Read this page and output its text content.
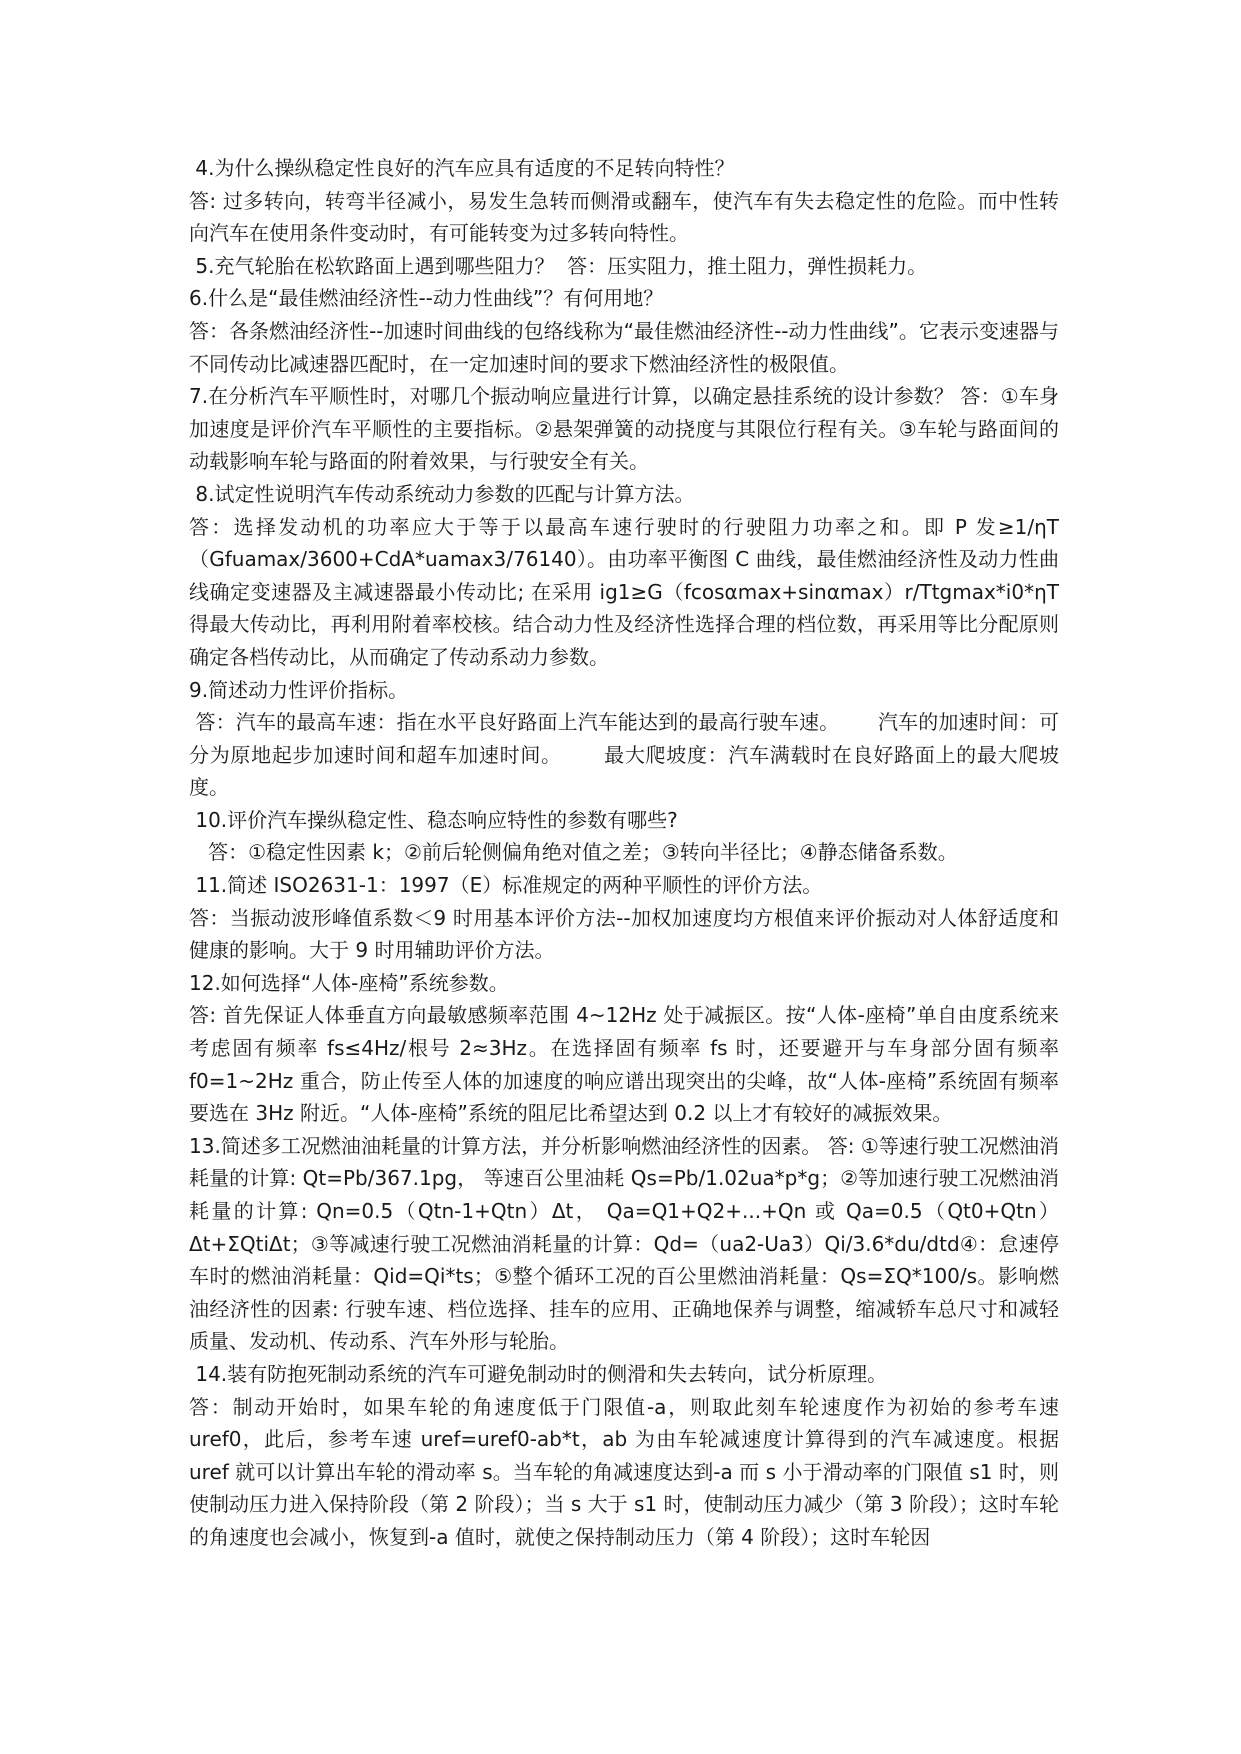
4.为什么操纵稳定性良好的汽车应具有适度的不足转向特性？

答: 过多转向，转弯半径减小，易发生急转而侧滑或翻车，使汽车有失去稳定性的危险。而中性转向汽车在使用条件变动时，有可能转变为过多转向特性。

5.充气轮胎在松软路面上遇到哪些阻力？  答：压实阻力，推土阻力，弹性损耗力。

6.什么是“最佳燃油经济性--动力性曲线”？有何用地？

答：各条燃油经济性--加速时间曲线的包络线称为“最佳燃油经济性--动力性曲线”。它表示变速器与不同传动比减速器匹配时，在一定加速时间的要求下燃油经济性的极限值。

7.在分析汽车平顺性时，对哪几个振动响应量进行计算，以确定悬挂系统的设计参数？ 答：①车身加速度是评价汽车平顺性的主要指标。②悬架弹簧的动挠度与其限位行程有关。③车轮与路面间的动载影响车轮与路面的附着效果，与行驶安全有关。

8.试定性说明汽车传动系统动力参数的匹配与计算方法。

答：选择发动机的功率应大于等于以最高车速行驶时的行驶阻力功率之和。即 P 发≥1/ηT（Gfuamax/3600+CdA*uamax3/76140）。由功率平衡图 C 曲线，最佳燃油经济性及动力性曲线确定变速器及主减速器最小传动比; 在采用 ig1≥G（fcosαmax+sinαmax）r/Ttgmax*i0*ηT 得最大传动比，再利用附着率校核。结合动力性及经济性选择合理的档位数，再采用等比分配原则确定各档传动比，从而确定了传动系动力参数。

9.简述动力性评价指标。

答：汽车的最高车速：指在水平良好路面上汽车能达到的最高行驶车速。      汽车的加速时间：可分为原地起步加速时间和超车加速时间。      最大爬坡度：汽车满载时在良好路面上的最大爬坡度。

10.评价汽车操纵稳定性、稳态响应特性的参数有哪些?

答：①稳定性因素 k；②前后轮侧偏角绝对值之差；③转向半径比；④静态储备系数。

11.简述 ISO2631-1：1997（E）标准规定的两种平顺性的评价方法。

答：当振动波形峰值系数＜9 时用基本评价方法--加权加速度均方根值来评价振动对人体舒适度和健康的影响。大于 9 时用辅助评价方法。

12.如何选择“人体-座椅”系统参数。

答: 首先保证人体垂直方向最敏感频率范围 4~12Hz 处于减振区。按“人体-座椅”单自由度系统来考虑固有频率 fs≤4Hz/根号 2≈3Hz。在选择固有频率 fs 时，还要避开与车身部分固有频率 f0=1~2Hz 重合，防止传至人体的加速度的响应谱出现突出的尖峰，故“人体-座椅”系统固有频率要选在 3Hz 附近。“人体-座椅”系统的阻尼比希望达到 0.2 以上才有较好的减振效果。

13.简述多工况燃油油耗量的计算方法，并分析影响燃油经济性的因素。 答: ①等速行驶工况燃油消耗量的计算: Qt=Pb/367.1pg， 等速百公里油耗 Qs=Pb/1.02ua*p*g；②等加速行驶工况燃油消耗量的计算: Qn=0.5（Qtn-1+Qtn）Δt， Qa=Q1+Q2+...+Qn 或 Qa=0.5（Qt0+Qtn）Δt+ΣQtiΔt；③等减速行驶工况燃油消耗量的计算：Qd=（ua2-Ua3）Qi/3.6*du/dtd④：怠速停车时的燃油消耗量：Qid=Qi*ts；⑤整个循环工况的百公里燃油消耗量：Qs=ΣQ*100/s。影响燃油经济性的因素: 行驶车速、档位选择、挂车的应用、正确地保养与调整，缩减轿车总尺寸和减轻质量、发动机、传动系、汽车外形与轮胎。

14.装有防抱死制动系统的汽车可避免制动时的侧滑和失去转向，试分析原理。

答：制动开始时，如果车轮的角速度低于门限值-a，则取此刻车轮速度作为初始的参考车速 uref0，此后，参考车速 uref=uref0-ab*t，ab 为由车轮减速度计算得到的汽车减速度。根据 uref 就可以计算出车轮的滑动率 s。当车轮的角减速度达到-a 而 s 小于滑动率的门限值 s1 时，则使制动压力进入保持阶段（第 2 阶段）；当 s 大于 s1 时，使制动压力减少（第 3 阶段）；这时车轮的角速度也会减小，恢复到-a 值时，就使之保持制动压力（第 4 阶段）；这时车轮因
